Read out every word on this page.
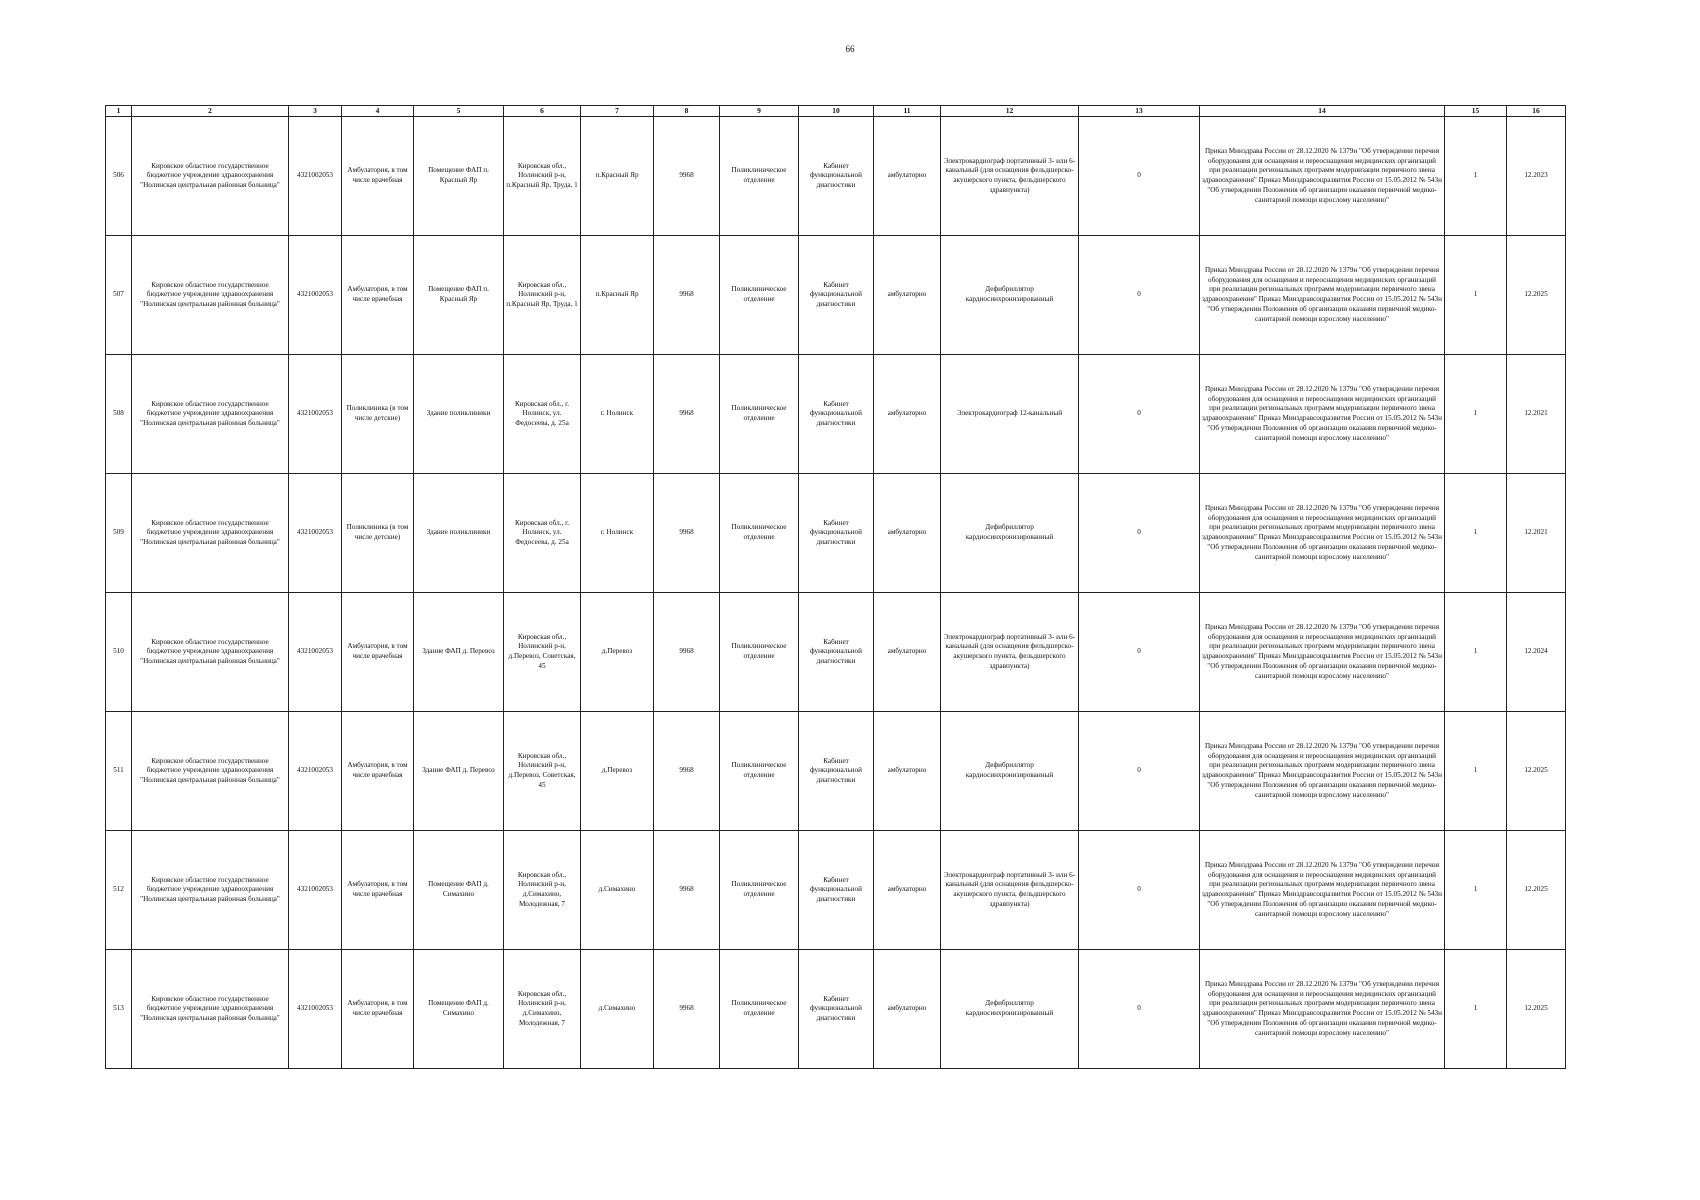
66
1	2	3	4	5	6	7	8	9	10	11	12	13	14	15	16
506	Кировское областное государственное бюджетное учреждение здравоохранения "Нолинская центральная районная больница"	4321002053	Амбулатория, в том числе врачебная	Помещение ФАП п. Красный Яр	Кировская обл., Нолинский р-н, п.Красный Яр, Труда, 1	п.Красный Яр	9968	Поликлиническое отделение	Кабинет функциональной диагностики	амбулаторно	Электрокардиограф портативный 3- или 6-канальный (для оснащения фельдшерско-акушерского пункта, фельдшерского здравпункта)	0	Приказ Минздрава России от 28.12.2020 № 1379н "Об утверждении перечня оборудования для оснащения и переоснащения медицинских организаций при реализации региональных программ модернизации первичного звена здравоохранения" Приказ Минздравсоцразвития России от 15.05.2012 № 543н "Об утверждении Положения об организации оказания первичной медико-санитарной помощи взрослому населению"	1	12.2023
507	Кировское областное государственное бюджетное учреждение здравоохранения "Нолинская центральная районная больница"	4321002053	Амбулатория, в том числе врачебная	Помещение ФАП п. Красный Яр	Кировская обл., Нолинский р-н, п.Красный Яр, Труда, 1	п.Красный Яр	9968	Поликлиническое отделение	Кабинет функциональной диагностики	амбулаторно	Дефибриллятор кардиосинхронизированный	0	Приказ Минздрава России от 28.12.2020 № 1379н "Об утверждении перечня оборудования для оснащения и переоснащения медицинских организаций при реализации региональных программ модернизации первичного звена здравоохранения" Приказ Минздравсоцразвития России от 15.05.2012 № 543н "Об утверждении Положения об организации оказания первичной медико-санитарной помощи взрослому населению"	1	12.2025
508	Кировское областное государственное бюджетное учреждение здравоохранения "Нолинская центральная районная больница"	4321002053	Поликлиника (в том числе детские)	Здание поликлиники	Кировская обл., г. Нолинск, ул. Федосеева, д. 25а	г. Нолинск	9968	Поликлиническое отделение	Кабинет функциональной диагностики	амбулаторно	Электрокардиограф 12-канальный	0	Приказ Минздрава России от 28.12.2020 № 1379н "Об утверждении перечня оборудования для оснащения и переоснащения медицинских организаций при реализации региональных программ модернизации первичного звена здравоохранения" Приказ Минздравсоцразвития России от 15.05.2012 № 543н "Об утверждении Положения об организации оказания первичной медико-санитарной помощи взрослому населению"	1	12.2021
509	Кировское областное государственное бюджетное учреждение здравоохранения "Нолинская центральная районная больница"	4321002053	Поликлиника (в том числе детские)	Здание поликлиники	Кировская обл., г. Нолинск, ул. Федосеева, д. 25а	г. Нолинск	9968	Поликлиническое отделение	Кабинет функциональной диагностики	амбулаторно	Дефибриллятор кардиосинхронизированный	0	Приказ Минздрава России от 28.12.2020 № 1379н "Об утверждении перечня оборудования для оснащения и переоснащения медицинских организаций при реализации региональных программ модернизации первичного звена здравоохранения" Приказ Минздравсоцразвития России от 15.05.2012 № 543н "Об утверждении Положения об организации оказания первичной медико-санитарной помощи взрослому населению"	1	12.2021
510	Кировское областное государственное бюджетное учреждение здравоохранения "Нолинская центральная районная больница"	4321002053	Амбулатория, в том числе врачебная	Здание ФАП д. Перевоз	Кировская обл., Нолинский р-н, д.Перевоз, Советская, 45	д.Перевоз	9968	Поликлиническое отделение	Кабинет функциональной диагностики	амбулаторно	Электрокардиограф портативный 3- или 6-канальный (для оснащения фельдшерско-акушерского пункта, фельдшерского здравпункта)	0	Приказ Минздрава России от 28.12.2020 № 1379н "Об утверждении перечня оборудования для оснащения и переоснащения медицинских организаций при реализации региональных программ модернизации первичного звена здравоохранения" Приказ Минздравсоцразвития России от 15.05.2012 № 543н "Об утверждении Положения об организации оказания первичной медико-санитарной помощи взрослому населению"	1	12.2024
511	Кировское областное государственное бюджетное учреждение здравоохранения "Нолинская центральная районная больница"	4321002053	Амбулатория, в том числе врачебная	Здание ФАП д. Перевоз	Кировская обл., Нолинский р-н, д.Перевоз, Советская, 45	д.Перевоз	9968	Поликлиническое отделение	Кабинет функциональной диагностики	амбулаторно	Дефибриллятор кардиосинхронизированный	0	Приказ Минздрава России от 28.12.2020 № 1379н "Об утверждении перечня оборудования для оснащения и переоснащения медицинских организаций при реализации региональных программ модернизации первичного звена здравоохранения" Приказ Минздравсоцразвития России от 15.05.2012 № 543н "Об утверждении Положения об организации оказания первичной медико-санитарной помощи взрослому населению"	1	12.2025
512	Кировское областное государственное бюджетное учреждение здравоохранения "Нолинская центральная районная больница"	4321002053	Амбулатория, в том числе врачебная	Помещение ФАП д. Симахино	Кировская обл., Нолинский р-н, д.Симахино, Молодежная, 7	д.Симахино	9968	Поликлиническое отделение	Кабинет функциональной диагностики	амбулаторно	Электрокардиограф портативный 3- или 6-канальный (для оснащения фельдшерско-акушерского пункта, фельдшерского здравпункта)	0	Приказ Минздрава России от 28.12.2020 № 1379н "Об утверждении перечня оборудования для оснащения и переоснащения медицинских организаций при реализации региональных программ модернизации первичного звена здравоохранения" Приказ Минздравсоцразвития России от 15.05.2012 № 543н "Об утверждении Положения об организации оказания первичной медико-санитарной помощи взрослому населению"	1	12.2025
513	Кировское областное государственное бюджетное учреждение здравоохранения "Нолинская центральная районная больница"	4321002053	Амбулатория, в том числе врачебная	Помещение ФАП д. Симахино	Кировская обл., Нолинский р-н, д.Симахино, Молодежная, 7	д.Симахино	9968	Поликлиническое отделение	Кабинет функциональной диагностики	амбулаторно	Дефибриллятор кардиосинхронизированный	0	Приказ Минздрава России от 28.12.2020 № 1379н "Об утверждении перечня оборудования для оснащения и переоснащения медицинских организаций при реализации региональных программ модернизации первичного звена здравоохранения" Приказ Минздравсоцразвития России от 15.05.2012 № 543н "Об утверждении Положения об организации оказания первичной медико-санитарной помощи взрослому населению"	1	12.2025
